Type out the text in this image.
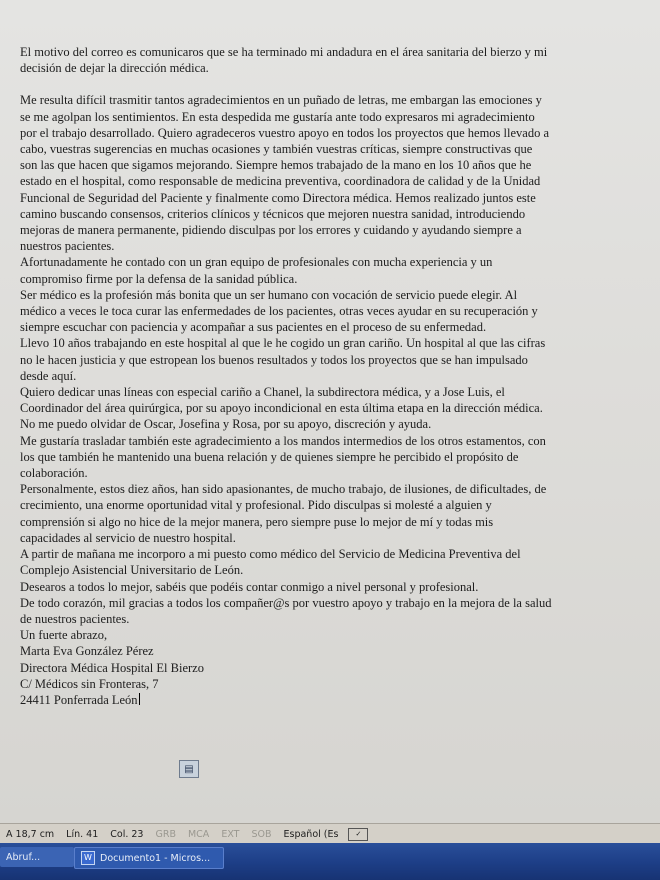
El motivo del correo es comunicaros que se ha terminado mi andadura en el área sanitaria del bierzo y mi
decisión de dejar la dirección médica.

Me resulta difícil trasmitir tantos agradecimientos en un puñado de letras, me embargan las emociones y
se me agolpan los sentimientos. En esta despedida me gustaría ante todo expresaros mi agradecimiento
por el trabajo desarrollado. Quiero agradeceros vuestro apoyo en todos los proyectos que hemos llevado a
cabo, vuestras sugerencias en muchas ocasiones y también vuestras críticas, siempre constructivas que
son las que hacen que sigamos mejorando. Siempre hemos trabajado de la mano en los 10 años que he
estado en el hospital, como responsable de medicina preventiva, coordinadora de calidad y de la Unidad
Funcional de Seguridad del Paciente y finalmente como Directora médica. Hemos realizado juntos este
camino buscando consensos, criterios clínicos y técnicos que mejoren nuestra sanidad, introduciendo
mejoras de manera permanente, pidiendo disculpas por los errores y cuidando y ayudando siempre a
nuestros pacientes.

Afortunadamente he contado con un gran equipo de profesionales con mucha experiencia y un
compromiso firme por la defensa de la sanidad pública.

Ser médico es la profesión más bonita que un ser humano con vocación de servicio puede elegir. Al
médico a veces le toca curar las enfermedades de los pacientes, otras veces ayudar en su recuperación y
siempre escuchar con paciencia y acompañar a sus pacientes en el proceso de su enfermedad.

Llevo 10 años trabajando en este hospital al que le he cogido un gran cariño. Un hospital al que las cifras
no le hacen justicia y que estropean los buenos resultados y todos los proyectos que se han impulsado
desde aquí.

Quiero dedicar unas líneas con especial cariño a Chanel, la subdirectora médica, y a Jose Luis, el
Coordinador del área quirúrgica, por su apoyo incondicional en esta última etapa en la dirección médica.
No me puedo olvidar de Oscar, Josefina y Rosa, por su apoyo, discreción y ayuda.

Me gustaría trasladar también este agradecimiento a los mandos intermedios de los otros estamentos, con
los que también he mantenido una buena relación y de quienes siempre he percibido el propósito de
colaboración.

Personalmente, estos diez años, han sido apasionantes, de mucho trabajo, de ilusiones, de dificultades, de
crecimiento, una enorme oportunidad vital y profesional. Pido disculpas si molesté a alguien y
comprensión si algo no hice de la mejor manera, pero siempre puse lo mejor de mí y todas mis
capacidades al servicio de nuestro hospital.

A partir de mañana me incorporo a mi puesto como médico del Servicio de Medicina Preventiva del
Complejo Asistencial Universitario de León.

Desearos a todos lo mejor, sabéis que podéis contar conmigo a nivel personal y profesional.

De todo corazón, mil gracias a todos los compañer@s por vuestro apoyo y trabajo en la mejora de la salud
de nuestros pacientes.

Un fuerte abrazo,
Marta Eva González Pérez
Directora Médica Hospital El Bierzo
C/ Médicos sin Fronteras, 7
24411 Ponferrada León
▤
A 18,7 cm	Lín. 41	Col. 23	GRB	MCA	EXT	SOB	Español (Es	✓
Abruf...	W Documento1 - Micros...
